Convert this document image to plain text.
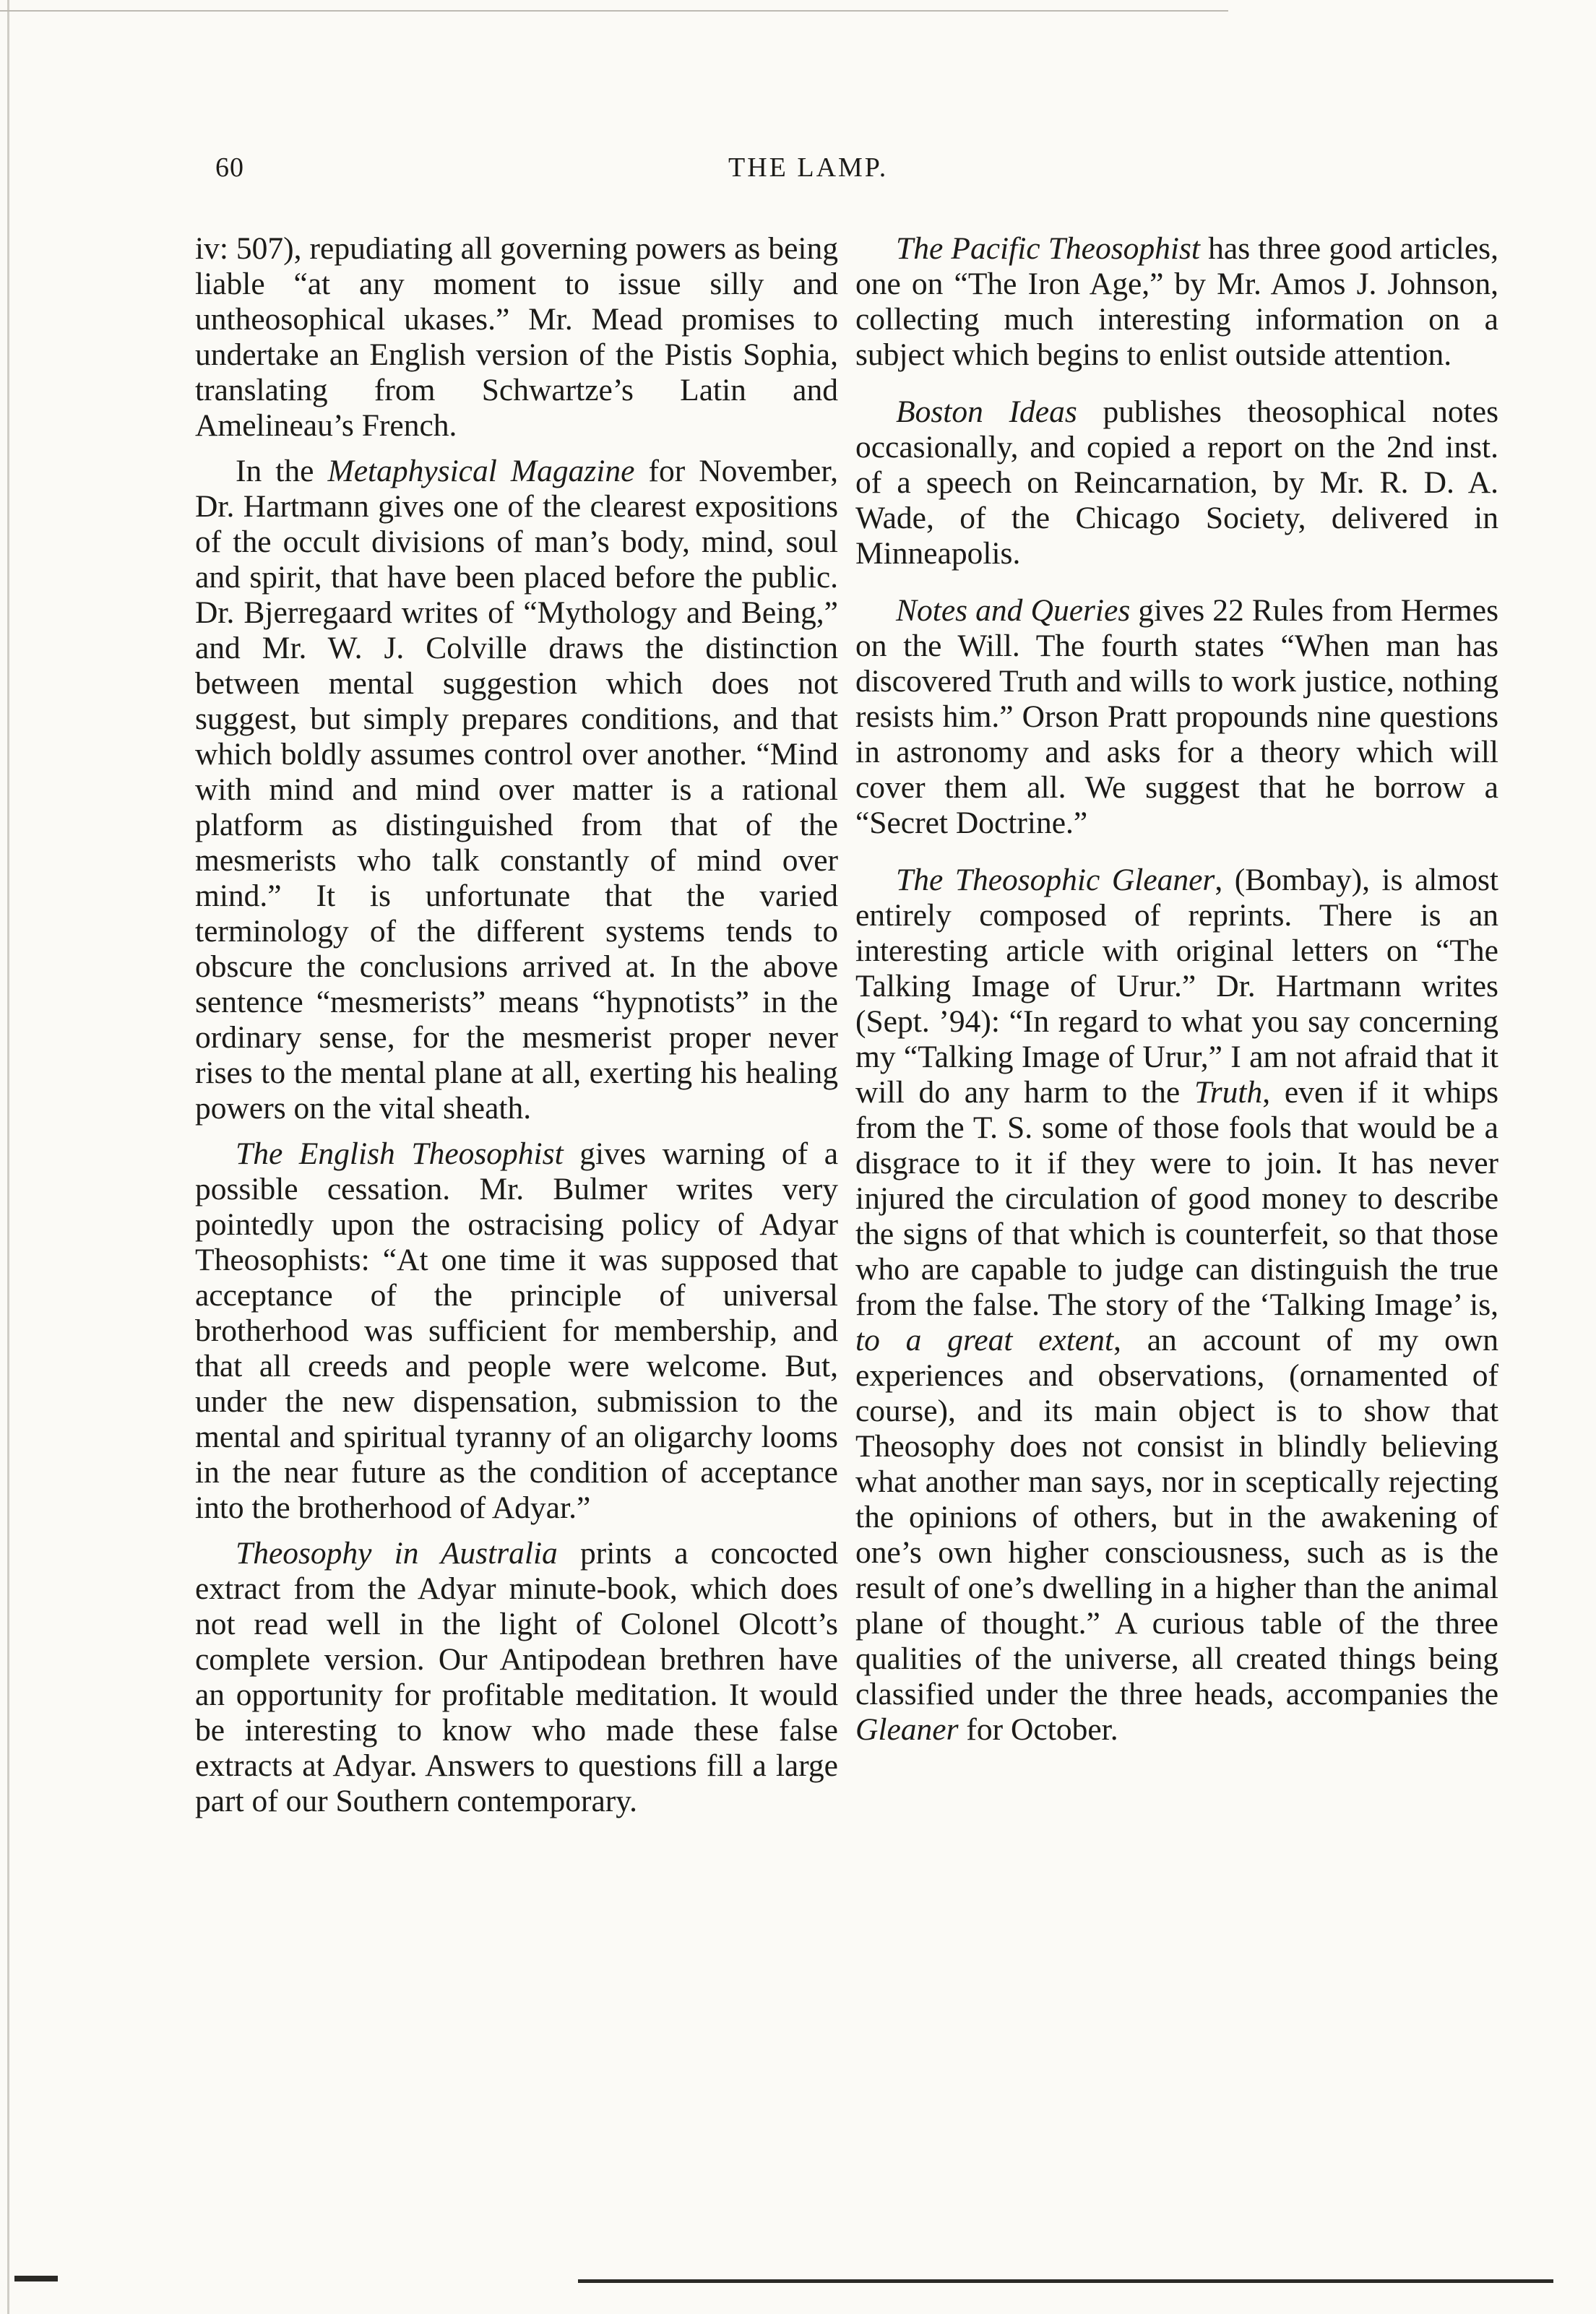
60	THE LAMP.

iv: 507), repudiating all governing powers as being liable “at any moment to issue silly and untheosophical ukases.” Mr. Mead promises to undertake an English version of the Pistis Sophia, translating from Schwartze’s Latin and Amelineau’s French.

In the Metaphysical Magazine for November, Dr. Hartmann gives one of the clearest expositions of the occult divisions of man’s body, mind, soul and spirit, that have been placed before the public. Dr. Bjerregaard writes of “Mythology and Being,” and Mr. W. J. Colville draws the distinction between mental suggestion which does not suggest, but simply prepares conditions, and that which boldly assumes control over another. “Mind with mind and mind over matter is a rational platform as distinguished from that of the mesmerists who talk constantly of mind over mind.” It is unfortunate that the varied terminology of the different systems tends to obscure the conclusions arrived at. In the above sentence “mesmerists” means “hypnotists” in the ordinary sense, for the mesmerist proper never rises to the mental plane at all, exerting his healing powers on the vital sheath.

The English Theosophist gives warning of a possible cessation. Mr. Bulmer writes very pointedly upon the ostracising policy of Adyar Theosophists: “At one time it was supposed that acceptance of the principle of universal brotherhood was sufficient for membership, and that all creeds and people were welcome. But, under the new dispensation, submission to the mental and spiritual tyranny of an oligarchy looms in the near future as the condition of acceptance into the brotherhood of Adyar.”

Theosophy in Australia prints a concocted extract from the Adyar minute-book, which does not read well in the light of Colonel Olcott’s complete version. Our Antipodean brethren have an opportunity for profitable meditation. It would be interesting to know who made these false extracts at Adyar. Answers to questions fill a large part of our Southern contemporary.

The Pacific Theosophist has three good articles, one on “The Iron Age,” by Mr. Amos J. Johnson, collecting much interesting information on a subject which begins to enlist outside attention.

Boston Ideas publishes theosophical notes occasionally, and copied a report on the 2nd inst. of a speech on Reincarnation, by Mr. R. D. A. Wade, of the Chicago Society, delivered in Minneapolis.

Notes and Queries gives 22 Rules from Hermes on the Will. The fourth states “When man has discovered Truth and wills to work justice, nothing resists him.” Orson Pratt propounds nine questions in astronomy and asks for a theory which will cover them all. We suggest that he borrow a “Secret Doctrine.”

The Theosophic Gleaner, (Bombay), is almost entirely composed of reprints. There is an interesting article with original letters on “The Talking Image of Urur.” Dr. Hartmann writes (Sept. ’94): “In regard to what you say concerning my “Talking Image of Urur,” I am not afraid that it will do any harm to the Truth, even if it whips from the T. S. some of those fools that would be a disgrace to it if they were to join. It has never injured the circulation of good money to describe the signs of that which is counterfeit, so that those who are capable to judge can distinguish the true from the false. The story of the ‘Talking Image’ is, to a great extent, an account of my own experiences and observations, (ornamented of course), and its main object is to show that Theosophy does not consist in blindly believing what another man says, nor in sceptically rejecting the opinions of others, but in the awakening of one’s own higher consciousness, such as is the result of one’s dwelling in a higher than the animal plane of thought.” A curious table of the three qualities of the universe, all created things being classified under the three heads, accompanies the Gleaner for October.
